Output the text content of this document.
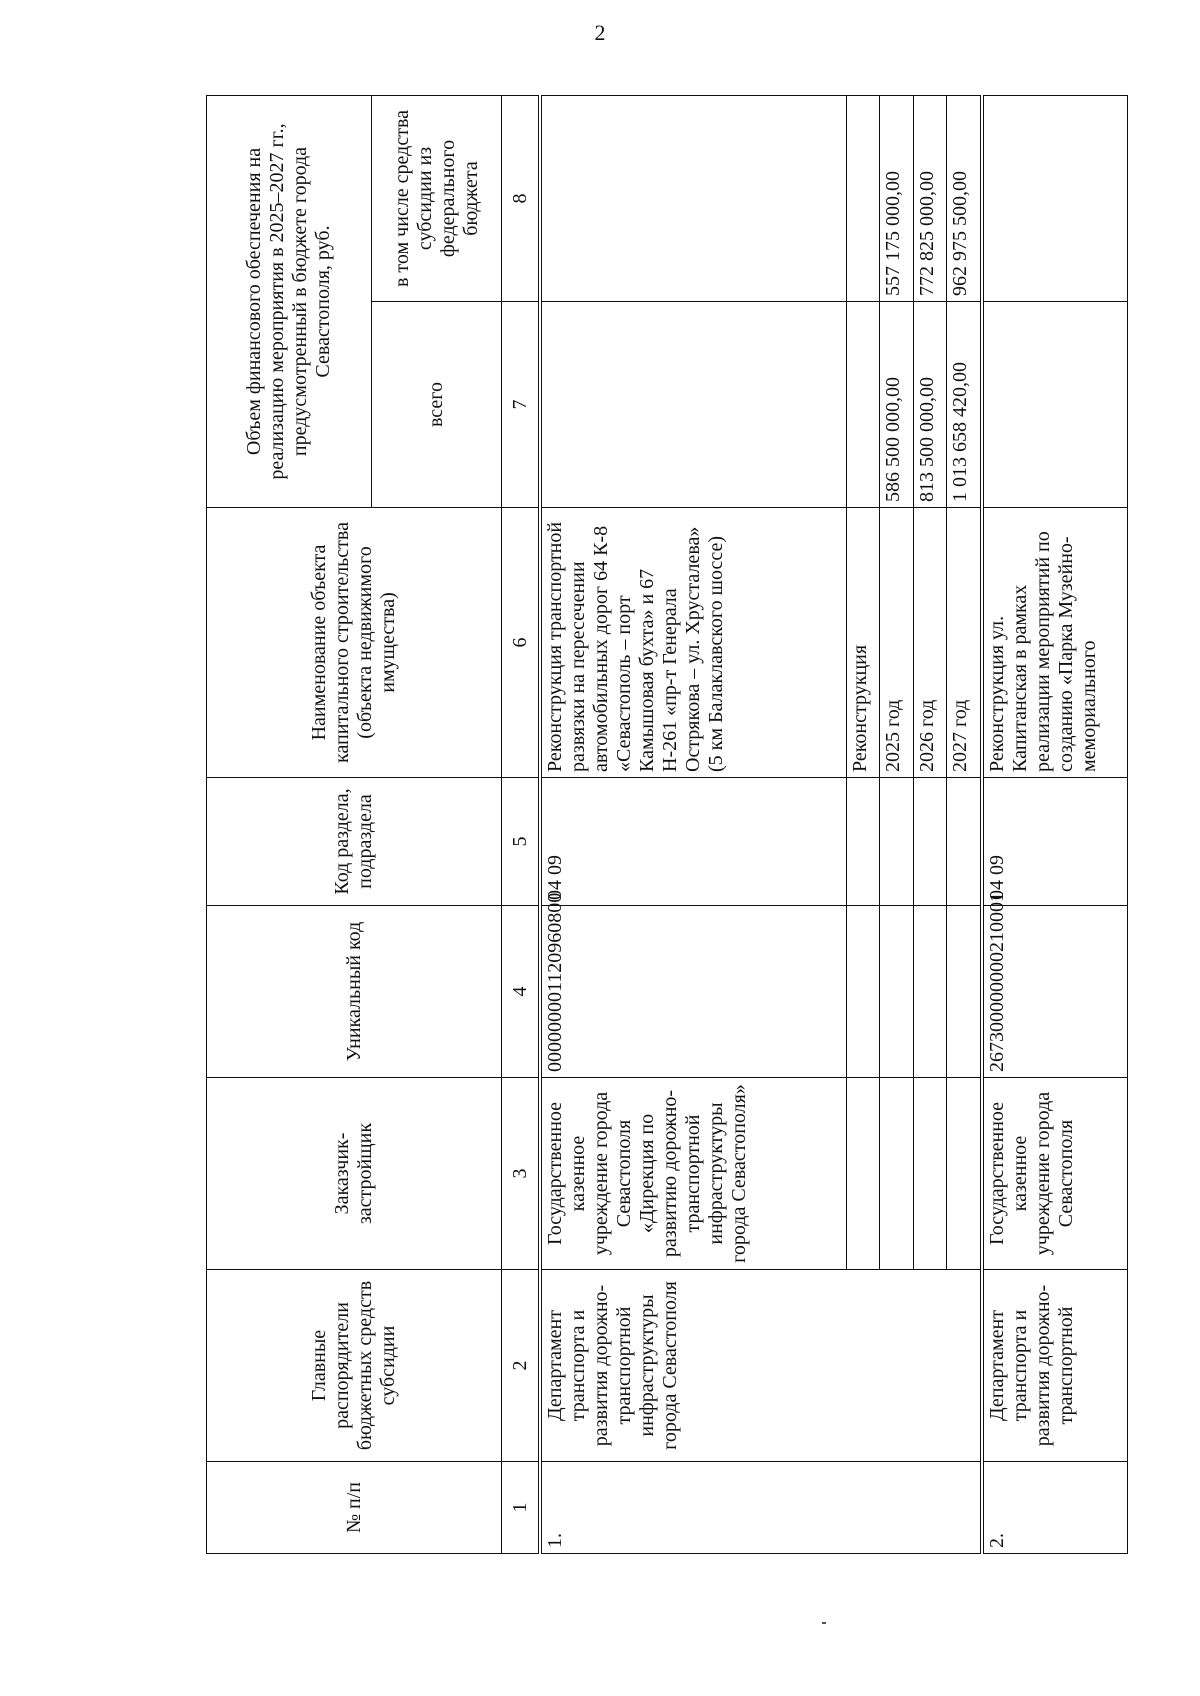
2
№ п/п	Главные распорядители бюджетных средств субсидии	Заказчик-застройщик	Уникальный код	Код раздела, подраздела	Наименование объекта капитального строительства (объекта недвижимого имущества)	Объем финансового обеспечения на реализацию мероприятия в 2025–2027 гг., предусмотренный в бюджете города Севастополя, руб.	
						всего	в том числе средства субсидии из федерального бюджета
1	2	3	4	5	6	7	8
1.	Департамент транспорта и развития дорожно-транспортной инфраструктуры города Севастополя	Государственное казенное учреждение города Севастополя «Дирекция по развитию дорожно-транспортной инфраструктуры города Севастополя»	000000001120960800	04 09	Реконструкция транспортной развязки на пересечении автомобильных дорог 64 К-8 «Севастополь – порт Камышовая бухта» и 67 Н-261 «пр-т Генерала Острякова – ул. Хрусталева» (5 км Балаклавского шоссе)		
					Реконструкция		
					2025 год	586 500 000,00	557 175 000,00
					2026 год	813 500 000,00	772 825 000,00
					2027 год	1 013 658 420,00	962 975 500,00
2.	Департамент транспорта и развития дорожно-транспортной	Государственное казенное учреждение города Севастополя	267300000000210001	04 09	Реконструкция ул. Капитанская в рамках реализации мероприятий по созданию «Парка Музейно-мемориального		
